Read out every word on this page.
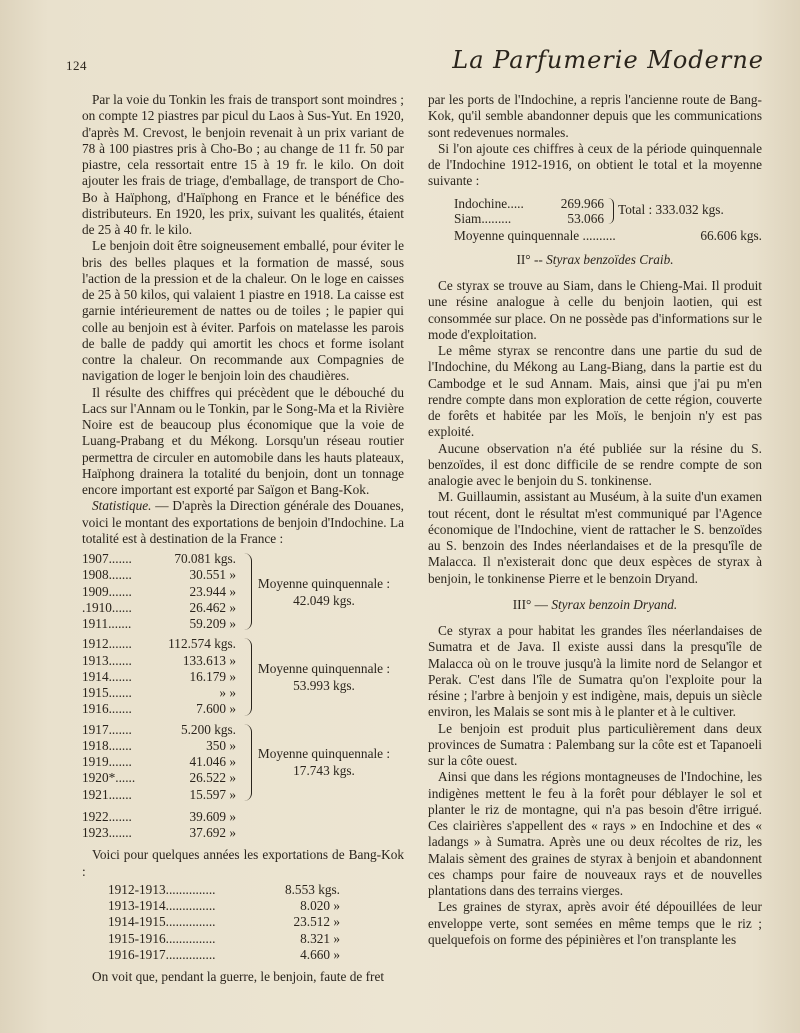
124	La Parfumerie Moderne

Par la voie du Tonkin les frais de transport sont moindres ; on compte 12 piastres par picul du Laos à Sus-Yut. En 1920, d'après M. Crevost, le benjoin revenait à un prix variant de 78 à 100 piastres pris à Cho-Bo ; au change de 11 fr. 50 par piastre, cela ressortait entre 15 à 19 fr. le kilo. On doit ajouter les frais de triage, d'emballage, de transport de Cho-Bo à Haïphong, d'Haïphong en France et le bénéfice des distributeurs. En 1920, les prix, suivant les qualités, étaient de 25 à 40 fr. le kilo.

Le benjoin doit être soigneusement emballé, pour éviter le bris des belles plaques et la formation de massé, sous l'action de la pression et de la chaleur. On le loge en caisses de 25 à 50 kilos, qui valaient 1 piastre en 1918. La caisse est garnie intérieurement de nattes ou de toiles ; le papier qui colle au benjoin est à éviter. Parfois on matelasse les parois de balle de paddy qui amortit les chocs et forme isolant contre la chaleur. On recommande aux Compagnies de navigation de loger le benjoin loin des chaudières.

Il résulte des chiffres qui précèdent que le débouché du Lacs sur l'Annam ou le Tonkin, par le Song-Ma et la Rivière Noire est de beaucoup plus économique que la voie de Luang-Prabang et du Mékong. Lorsqu'un réseau routier permettra de circuler en automobile dans les hauts plateaux, Haïphong drainera la totalité du benjoin, dont un tonnage encore important est exporté par Saïgon et Bang-Kok.

Statistique. — D'après la Direction générale des Douanes, voici le montant des exportations de benjoin d'Indochine. La totalité est à destination de la France :

1907.......	70.081 kgs.
1908.......	30.551 »
1909.......	23.944 »
.1910......	26.462 »
1911.......	59.209 »
Moyenne quinquennale :
42.049 kgs.
1912.......	112.574 kgs.
1913.......	133.613 »
1914.......	16.179 »
1915.......	» »
1916.......	7.600 »
Moyenne quinquennale :
53.993 kgs.
1917.......	5.200 kgs.
1918.......	350 »
1919.......	41.046 »
1920*......	26.522 »
1921.......	15.597 »
Moyenne quinquennale :
17.743 kgs.
1922.......	39.609 »
1923.......	37.692 »

Voici pour quelques années les exportations de Bang-Kok :

1912-1913...............	8.553 kgs.
1913-1914...............	8.020 »
1914-1915...............	23.512 »
1915-1916...............	8.321 »
1916-1917...............	4.660 »

On voit que, pendant la guerre, le benjoin, faute de fret

par les ports de l'Indochine, a repris l'ancienne route de Bang-Kok, qu'il semble abandonner depuis que les communications sont redevenues normales.

Si l'on ajoute ces chiffres à ceux de la période quinquennale de l'Indochine 1912-1916, on obtient le total et la moyenne suivante :

Indochine.....	269.966
Siam.........	53.066
Total : 333.032 kgs.
Moyenne quinquennale ..........	66.606 kgs.
II° -- Styrax benzoïdes Craib.

Ce styrax se trouve au Siam, dans le Chieng-Mai. Il produit une résine analogue à celle du benjoin laotien, qui est consommée sur place. On ne possède pas d'informations sur le mode d'exploitation.

Le même styrax se rencontre dans une partie du sud de l'Indochine, du Mékong au Lang-Biang, dans la partie est du Cambodge et le sud Annam. Mais, ainsi que j'ai pu m'en rendre compte dans mon exploration de cette région, couverte de forêts et habitée par les Moïs, le benjoin n'y est pas exploité.

Aucune observation n'a été publiée sur la résine du S. benzoïdes, il est donc difficile de se rendre compte de son analogie avec le benjoin du S. tonkinense.

M. Guillaumin, assistant au Muséum, à la suite d'un examen tout récent, dont le résultat m'est communiqué par l'Agence économique de l'Indochine, vient de rattacher le S. benzoïdes au S. benzoin des Indes néerlandaises et de la presqu'île de Malacca. Il n'existerait donc que deux espèces de styrax à benjoin, le tonkinense Pierre et le benzoin Dryand.

III° — Styrax benzoin Dryand.

Ce styrax a pour habitat les grandes îles néerlandaises de Sumatra et de Java. Il existe aussi dans la presqu'île de Malacca où on le trouve jusqu'à la limite nord de Selangor et Perak. C'est dans l'île de Sumatra qu'on l'exploite pour la résine ; l'arbre à benjoin y est indigène, mais, depuis un siècle environ, les Malais se sont mis à le planter et à le cultiver.

Le benjoin est produit plus particulièrement dans deux provinces de Sumatra : Palembang sur la côte est et Tapanoeli sur la côte ouest.

Ainsi que dans les régions montagneuses de l'Indochine, les indigènes mettent le feu à la forêt pour déblayer le sol et planter le riz de montagne, qui n'a pas besoin d'être irrigué. Ces clairières s'appellent des « rays » en Indochine et des « ladangs » à Sumatra. Après une ou deux récoltes de riz, les Malais sèment des graines de styrax à benjoin et abandonnent ces champs pour faire de nouveaux rays et de nouvelles plantations dans des terrains vierges.

Les graines de styrax, après avoir été dépouillées de leur enveloppe verte, sont semées en même temps que le riz ; quelquefois on forme des pépinières et l'on transplante les
